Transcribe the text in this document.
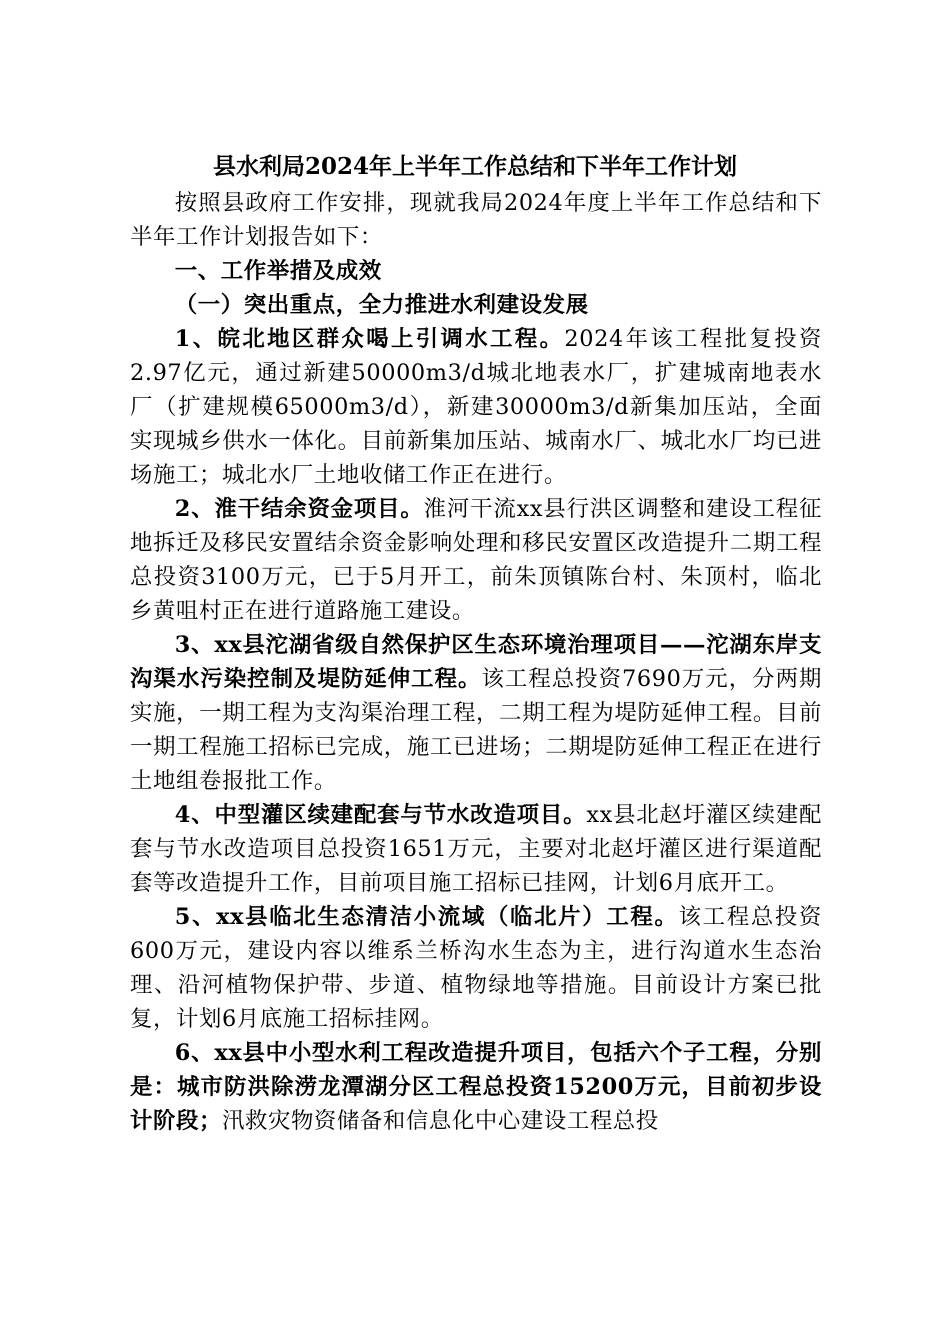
县水利局2024年上半年工作总结和下半年工作计划

按照县政府工作安排，现就我局2024年度上半年工作总结和下半年工作计划报告如下：

一、工作举措及成效

（一）突出重点，全力推进水利建设发展

1、皖北地区群众喝上引调水工程。2024年该工程批复投资2.97亿元，通过新建50000m3/d城北地表水厂，扩建城南地表水厂（扩建规模65000m3/d），新建30000m3/d新集加压站，全面实现城乡供水一体化。目前新集加压站、城南水厂、城北水厂均已进场施工；城北水厂土地收储工作正在进行。

2、淮干结余资金项目。淮河干流xx县行洪区调整和建设工程征地拆迁及移民安置结余资金影响处理和移民安置区改造提升二期工程总投资3100万元，已于5月开工，前朱顶镇陈台村、朱顶村，临北乡黄咀村正在进行道路施工建设。

3、xx县沱湖省级自然保护区生态环境治理项目——沱湖东岸支沟渠水污染控制及堤防延伸工程。该工程总投资7690万元，分两期实施，一期工程为支沟渠治理工程，二期工程为堤防延伸工程。目前一期工程施工招标已完成，施工已进场；二期堤防延伸工程正在进行土地组卷报批工作。

4、中型灌区续建配套与节水改造项目。xx县北赵圩灌区续建配套与节水改造项目总投资1651万元，主要对北赵圩灌区进行渠道配套等改造提升工作，目前项目施工招标已挂网，计划6月底开工。

5、xx县临北生态清洁小流域（临北片）工程。该工程总投资600万元，建设内容以维系兰桥沟水生态为主，进行沟道水生态治理、沿河植物保护带、步道、植物绿地等措施。目前设计方案已批复，计划6月底施工招标挂网。

6、xx县中小型水利工程改造提升项目，包括六个子工程，分别是：城市防洪除涝龙潭湖分区工程总投资15200万元，目前初步设计阶段；汛救灾物资储备和信息化中心建设工程总投
